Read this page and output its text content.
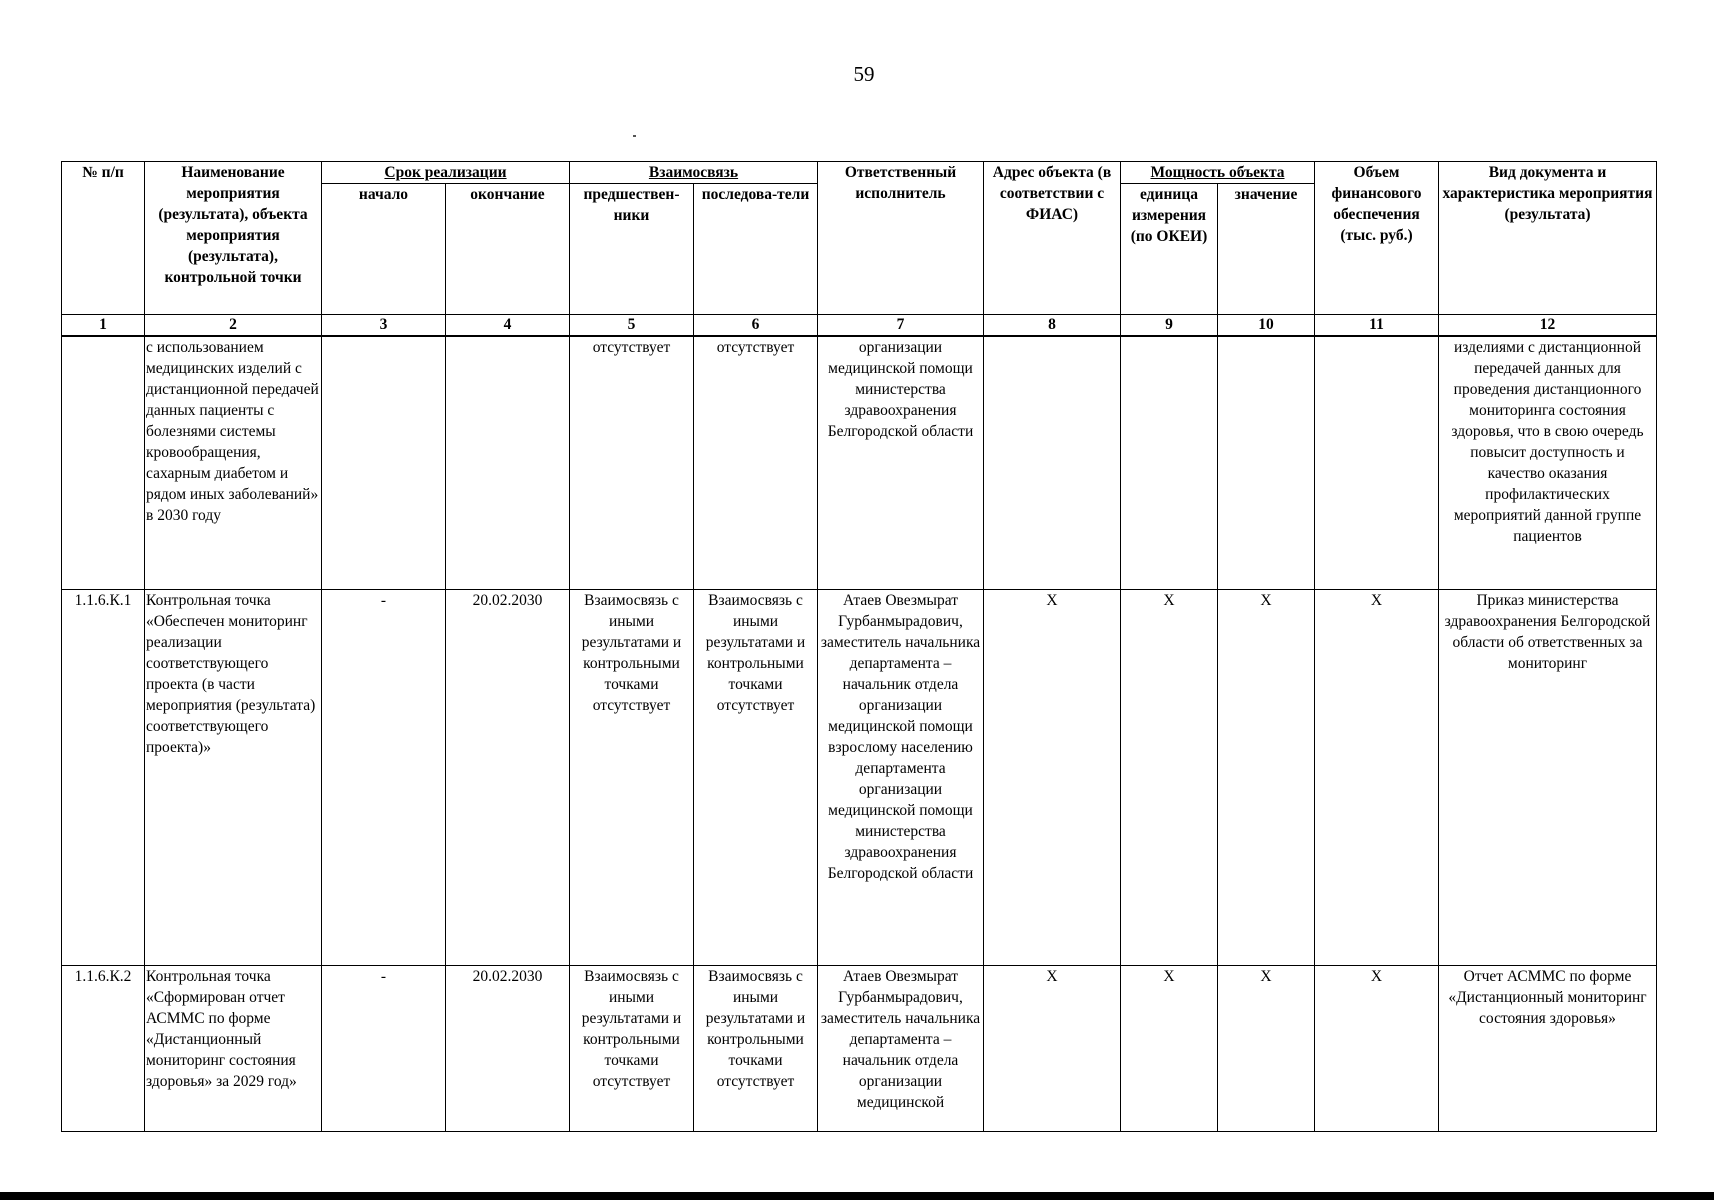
59
№ п/п	Наименование мероприятия (результата), объекта мероприятия (результата), контрольной точки	Срок реализации		Взаимосвязь		Ответственный исполнитель	Адрес объекта (в соответствии с ФИАС)	Мощность объекта		Объем финансового обеспечения (тыс. руб.)	Вид документа и характеристика мероприятия (результата)
		начало	окончание	предшествен-ники	последова-тели			единица измерения (по ОКЕИ)	значение		
1	2	3	4	5	6	7	8	9	10	11	12
	с использованием медицинских изделий с дистанционной передачей данных пациенты с болезнями системы кровообращения, сахарным диабетом и рядом иных заболеваний» в 2030 году			отсутствует	отсутствует	организации медицинской помощи министерства здравоохранения Белгородской области					изделиями с дистанционной передачей данных для проведения дистанционного мониторинга состояния здоровья, что в свою очередь повысит доступность и качество оказания профилактических мероприятий данной группе пациентов
1.1.6.К.1	Контрольная точка «Обеспечен мониторинг реализации соответствующего проекта (в части мероприятия (результата) соответствующего проекта)»	-	20.02.2030	Взаимосвязь с иными результатами и контрольными точками отсутствует	Взаимосвязь с иными результатами и контрольными точками отсутствует	Атаев Овезмырат Гурбанмырадович, заместитель начальника департамента – начальник отдела организации медицинской помощи взрослому населению департамента организации медицинской помощи министерства здравоохранения Белгородской области	X	X	X	X	Приказ министерства здравоохранения Белгородской области об ответственных за мониторинг
1.1.6.К.2	Контрольная точка «Сформирован отчет АСММС по форме «Дистанционный мониторинг состояния здоровья» за 2029 год»	-	20.02.2030	Взаимосвязь с иными результатами и контрольными точками отсутствует	Взаимосвязь с иными результатами и контрольными точками отсутствует	Атаев Овезмырат Гурбанмырадович, заместитель начальника департамента – начальник отдела организации медицинской	X	X	X	X	Отчет АСММС по форме «Дистанционный мониторинг состояния здоровья»
